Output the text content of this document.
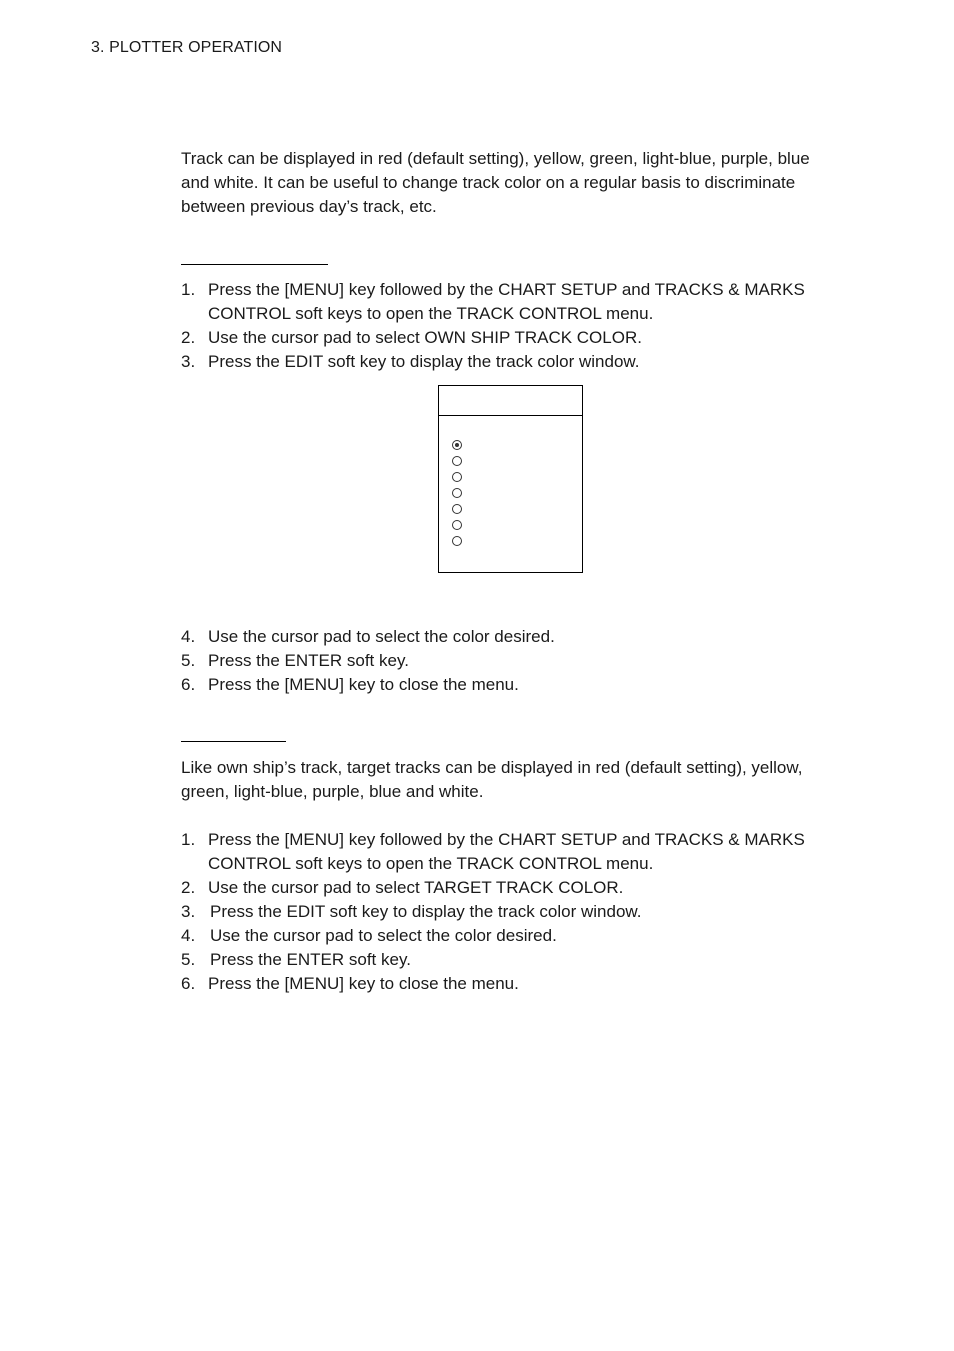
3. PLOTTER OPERATION

Track can be displayed in red (default setting), yellow, green, light-blue, purple, blue and white. It can be useful to change track color on a regular basis to discriminate between previous day’s track, etc.

1. Press the [MENU] key followed by the CHART SETUP and TRACKS & MARKS CONTROL soft keys to open the TRACK CONTROL menu.
2. Use the cursor pad to select OWN SHIP TRACK COLOR.
3. Press the EDIT soft key to display the track color window.
4. Use the cursor pad to select the color desired.
5. Press the ENTER soft key.
6. Press the [MENU] key to close the menu.

Like own ship’s track, target tracks can be displayed in red (default setting), yellow, green, light-blue, purple, blue and white.

1. Press the [MENU] key followed by the CHART SETUP and TRACKS & MARKS CONTROL soft keys to open the TRACK CONTROL menu.
2. Use the cursor pad to select TARGET TRACK COLOR.
3. Press the EDIT soft key to display the track color window.
4. Use the cursor pad to select the color desired.
5. Press the ENTER soft key.
6. Press the [MENU] key to close the menu.
